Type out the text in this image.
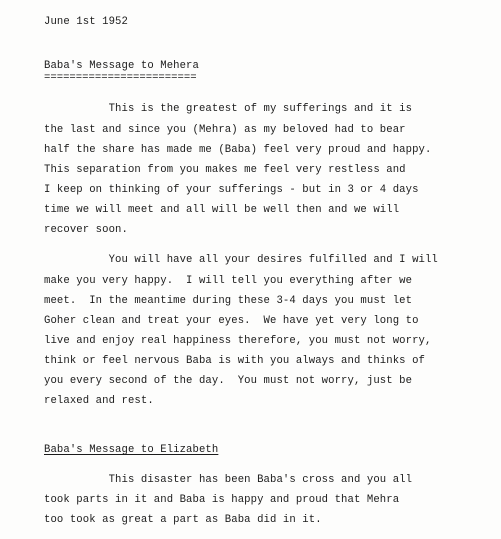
June 1st 1952
Baba's Message to Mehera
========================
This is the greatest of my sufferings and it is
the last and since you (Mehra) as my beloved had to bear
half the share has made me (Baba) feel very proud and happy.
This separation from you makes me feel very restless and
I keep on thinking of your sufferings - but in 3 or 4 days
time we will meet and all will be well then and we will
recover soon.
You will have all your desires fulfilled and I will
make you very happy.  I will tell you everything after we
meet.  In the meantime during these 3-4 days you must let
Goher clean and treat your eyes.  We have yet very long to
live and enjoy real happiness therefore, you must not worry,
think or feel nervous Baba is with you always and thinks of
you every second of the day.  You must not worry, just be
relaxed and rest.
Baba's Message to Elizabeth
This disaster has been Baba's cross and you all
took parts in it and Baba is happy and proud that Mehra
too took as great a part as Baba did in it.
